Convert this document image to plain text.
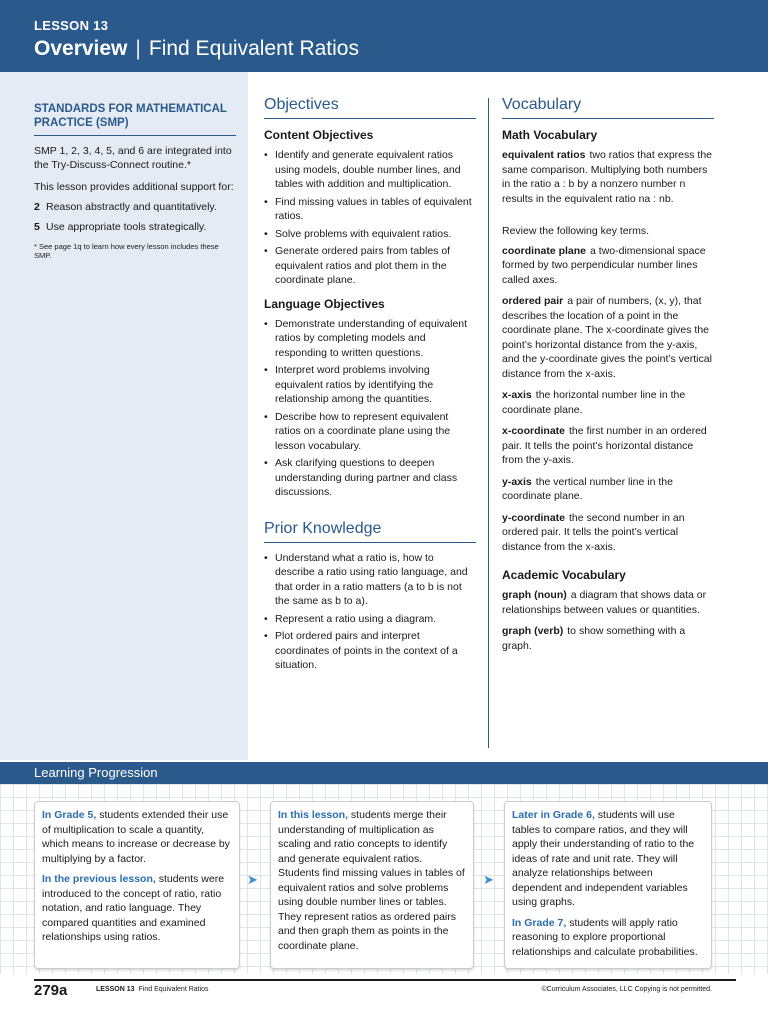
LESSON 13
Overview | Find Equivalent Ratios
STANDARDS FOR MATHEMATICAL PRACTICE (SMP)

SMP 1, 2, 3, 4, 5, and 6 are integrated into the Try-Discuss-Connect routine.*

This lesson provides additional support for:

2 Reason abstractly and quantitatively.
5 Use appropriate tools strategically.

* See page 1q to learn how every lesson includes these SMP.

Objectives
Content Objectives
• Identify and generate equivalent ratios using models, double number lines, and tables with addition and multiplication.
• Find missing values in tables of equivalent ratios.
• Solve problems with equivalent ratios.
• Generate ordered pairs from tables of equivalent ratios and plot them in the coordinate plane.
Language Objectives
• Demonstrate understanding of equivalent ratios by completing models and responding to written questions.
• Interpret word problems involving equivalent ratios by identifying the relationship among the quantities.
• Describe how to represent equivalent ratios on a coordinate plane using the lesson vocabulary.
• Ask clarifying questions to deepen understanding during partner and class discussions.
Prior Knowledge
• Understand what a ratio is, how to describe a ratio using ratio language, and that order in a ratio matters (a to b is not the same as b to a).
• Represent a ratio using a diagram.
• Plot ordered pairs and interpret coordinates of points in the context of a situation.
Vocabulary
Math Vocabulary
equivalent ratios two ratios that express the same comparison. Multiplying both numbers in the ratio a : b by a nonzero number n results in the equivalent ratio na : nb.
Review the following key terms.
coordinate plane a two-dimensional space formed by two perpendicular number lines called axes.
ordered pair a pair of numbers, (x, y), that describes the location of a point in the coordinate plane. The x-coordinate gives the point’s horizontal distance from the y-axis, and the y-coordinate gives the point’s vertical distance from the x-axis.
x-axis the horizontal number line in the coordinate plane.
x-coordinate the first number in an ordered pair. It tells the point’s horizontal distance from the y-axis.
y-axis the vertical number line in the coordinate plane.
y-coordinate the second number in an ordered pair. It tells the point’s vertical distance from the x-axis.
Academic Vocabulary
graph (noun) a diagram that shows data or relationships between values or quantities.
graph (verb) to show something with a graph.
Learning Progression

In Grade 5, students extended their use of multiplication to scale a quantity, which means to increase or decrease by multiplying by a factor.

In the previous lesson, students were introduced to the concept of ratio, ratio notation, and ratio language. They compared quantities and examined relationships using ratios.

➤

In this lesson, students merge their understanding of multiplication as scaling and ratio concepts to identify and generate equivalent ratios. Students find missing values in tables of equivalent ratios and solve problems using double number lines or tables. They represent ratios as ordered pairs and then graph them as points in the coordinate plane.

➤

Later in Grade 6, students will use tables to compare ratios, and they will apply their understanding of ratio to the ideas of rate and unit rate. They will analyze relationships between dependent and independent variables using graphs.

In Grade 7, students will apply ratio reasoning to explore proportional relationships and calculate probabilities.

279a	LESSON 13 Find Equivalent Ratios	©Curriculum Associates, LLC Copying is not permitted.
